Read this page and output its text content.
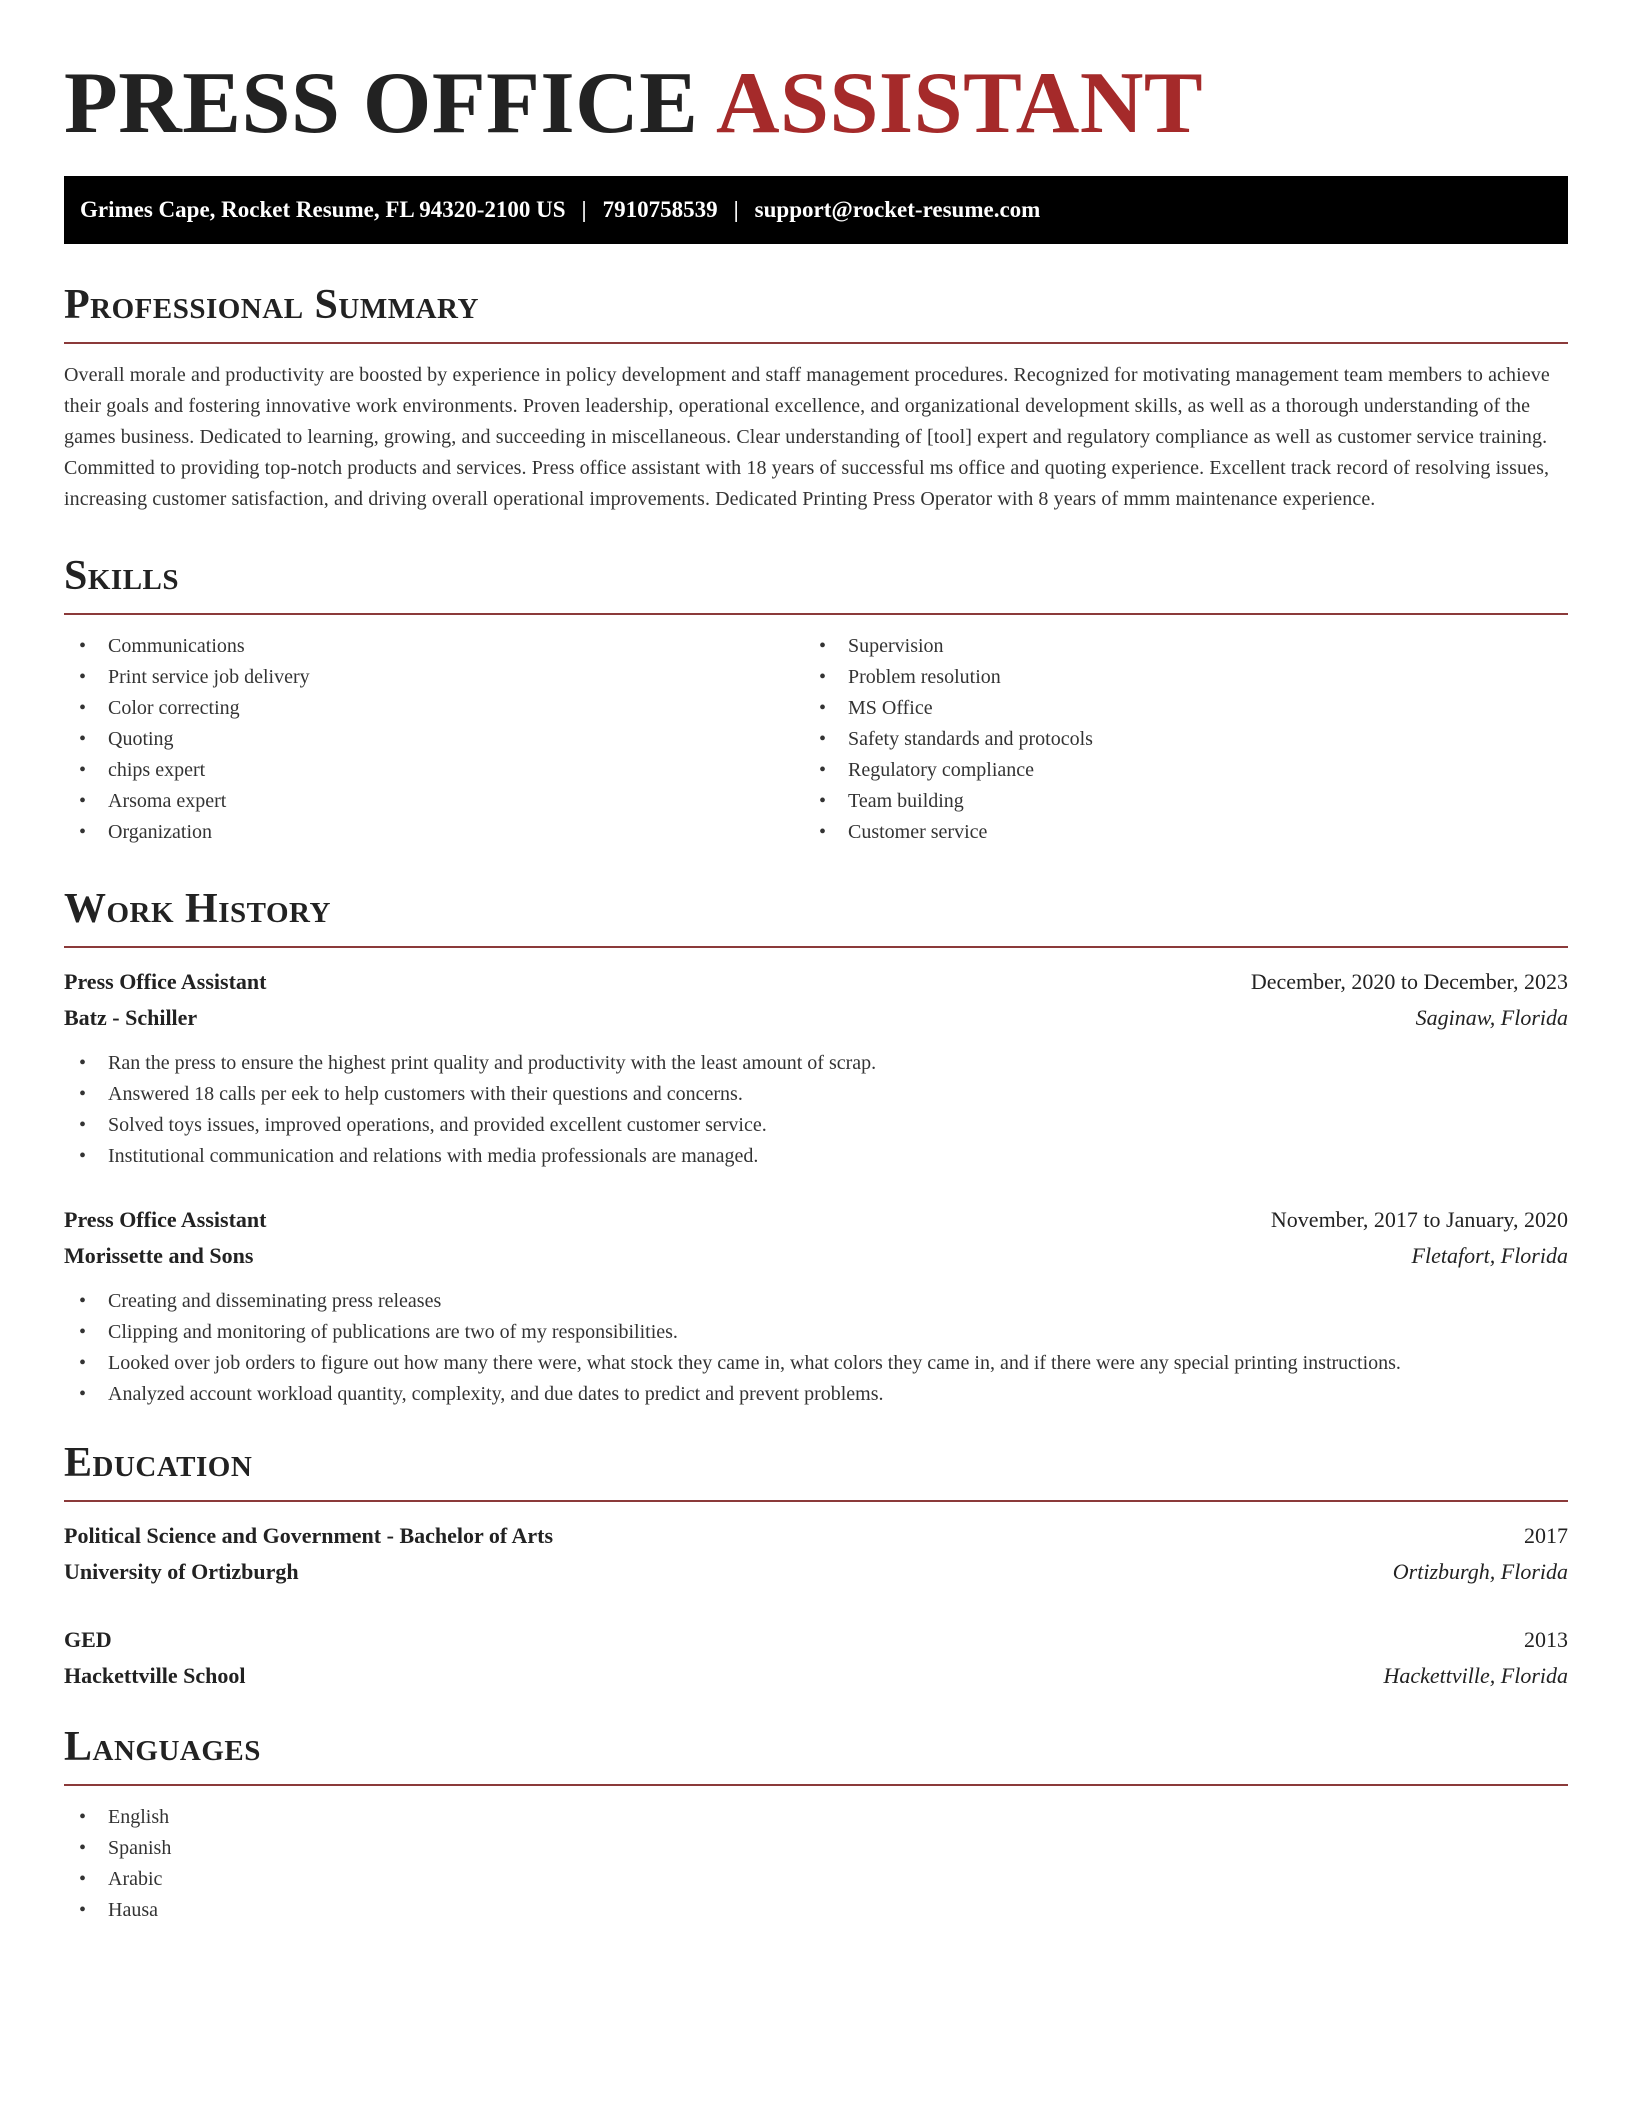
PRESS OFFICE ASSISTANT
Grimes Cape, Rocket Resume, FL 94320-2100 US | 7910758539 | support@rocket-resume.com
Professional Summary

Overall morale and productivity are boosted by experience in policy development and staff management procedures. Recognized for motivating management team members to achieve their goals and fostering innovative work environments. Proven leadership, operational excellence, and organizational development skills, as well as a thorough understanding of the games business. Dedicated to learning, growing, and succeeding in miscellaneous. Clear understanding of [tool] expert and regulatory compliance as well as customer service training. Committed to providing top-notch products and services. Press office assistant with 18 years of successful ms office and quoting experience. Excellent track record of resolving issues, increasing customer satisfaction, and driving overall operational improvements. Dedicated Printing Press Operator with 8 years of mmm maintenance experience.

Skills
• Communications
• Print service job delivery
• Color correcting
• Quoting
• chips expert
• Arsoma expert
• Organization
• Supervision
• Problem resolution
• MS Office
• Safety standards and protocols
• Regulatory compliance
• Team building
• Customer service
Work History
Press Office Assistant	December, 2020 to December, 2023
Batz - Schiller	Saginaw, Florida
• Ran the press to ensure the highest print quality and productivity with the least amount of scrap.
• Answered 18 calls per eek to help customers with their questions and concerns.
• Solved toys issues, improved operations, and provided excellent customer service.
• Institutional communication and relations with media professionals are managed.
Press Office Assistant	November, 2017 to January, 2020
Morissette and Sons	Fletafort, Florida
• Creating and disseminating press releases
• Clipping and monitoring of publications are two of my responsibilities.
• Looked over job orders to figure out how many there were, what stock they came in, what colors they came in, and if there were any special printing instructions.
• Analyzed account workload quantity, complexity, and due dates to predict and prevent problems.
Education
Political Science and Government - Bachelor of Arts	2017
University of Ortizburgh	Ortizburgh, Florida
GED	2013
Hackettville School	Hackettville, Florida
Languages
• English
• Spanish
• Arabic
• Hausa
